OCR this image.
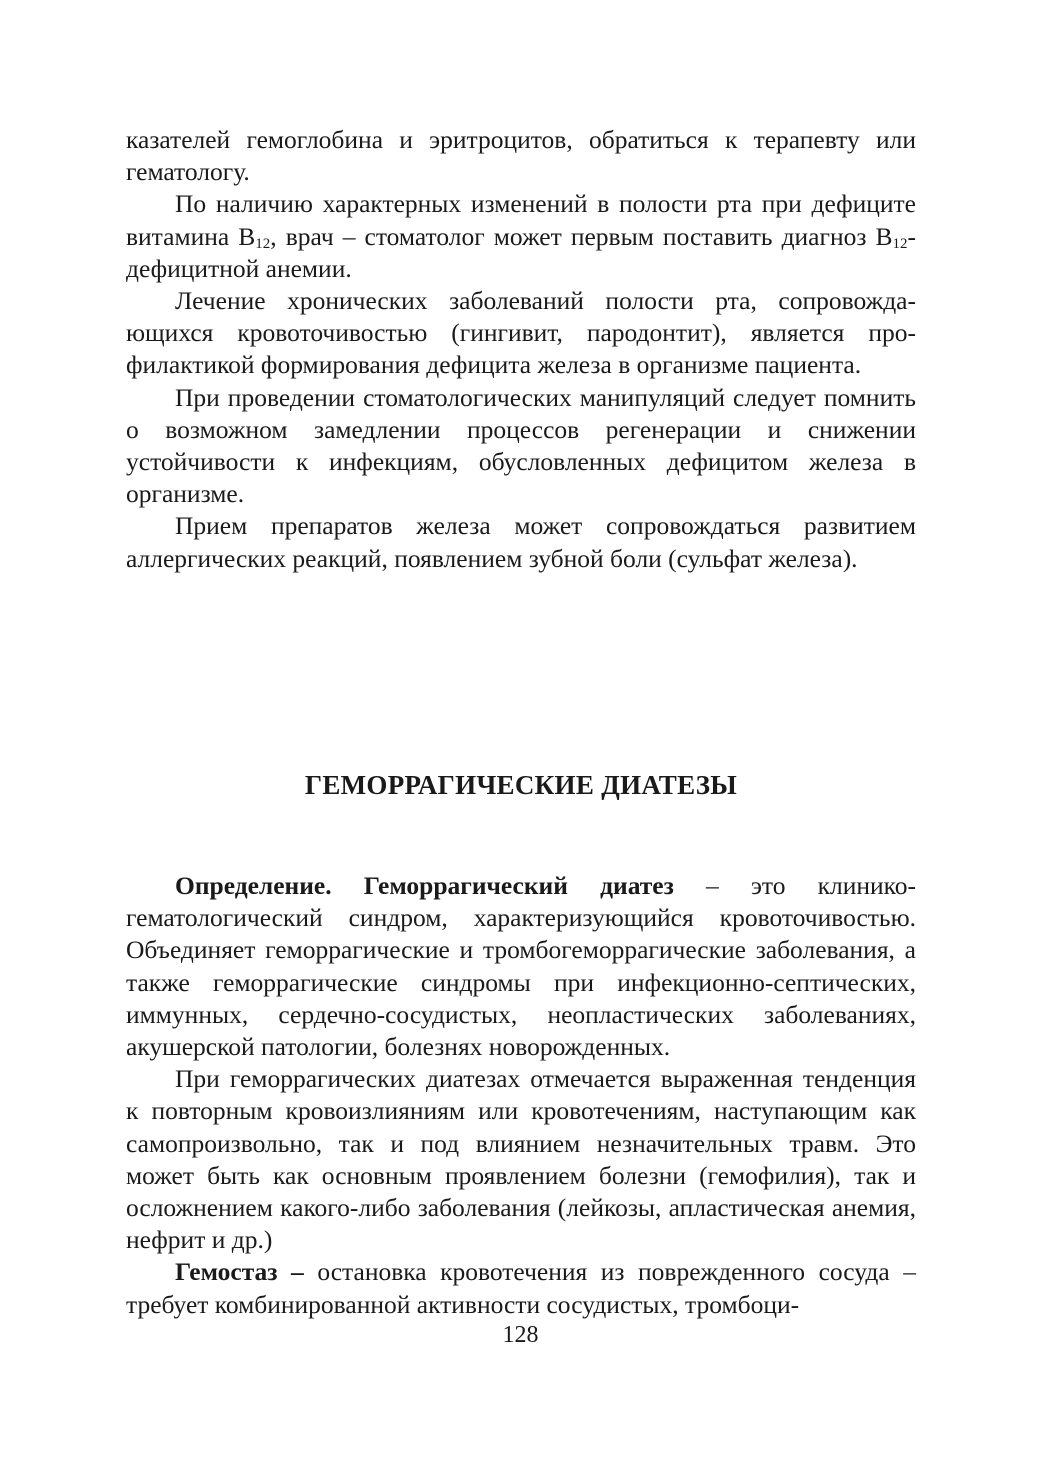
казателей гемоглобина и эритроцитов, обратиться к терапевту или гематологу.

По наличию характерных изменений в полости рта при дефиците витамина $В_{12}$, врач – стоматолог может первым поставить диагноз $В_{12}$-дефицитной анемии.

Лечение хронических заболеваний полости рта, сопровождающихся кровоточивостью (гингивит, пародонтит), является профилактикой формирования дефицита железа в организме пациента.

При проведении стоматологических манипуляций следует помнить о возможном замедлении процессов регенерации и снижении устойчивости к инфекциям, обусловленных дефицитом железа в организме.

Прием препаратов железа может сопровождаться развитием аллергических реакций, появлением зубной боли (сульфат железа).

ГЕМОРРАГИЧЕСКИЕ ДИАТЕЗЫ

Определение. Геморрагический диатез – это клинико-гематологический синдром, характеризующийся кровоточивостью. Объединяет геморрагические и тромбогеморрагические заболевания, а также геморрагические синдромы при инфекционно-септических, иммунных, сердечно-сосудистых, неопластических заболеваниях, акушерской патологии, болезнях новорожденных.

При геморрагических диатезах отмечается выраженная тенденция к повторным кровоизлияниям или кровотечениям, наступающим как самопроизвольно, так и под влиянием незначительных травм. Это может быть как основным проявлением болезни (гемофилия), так и осложнением какого-либо заболевания (лейкозы, апластическая анемия, нефрит и др.)

Гемостаз – остановка кровотечения из поврежденного сосуда – требует комбинированной активности сосудистых, тромбоци-

128
